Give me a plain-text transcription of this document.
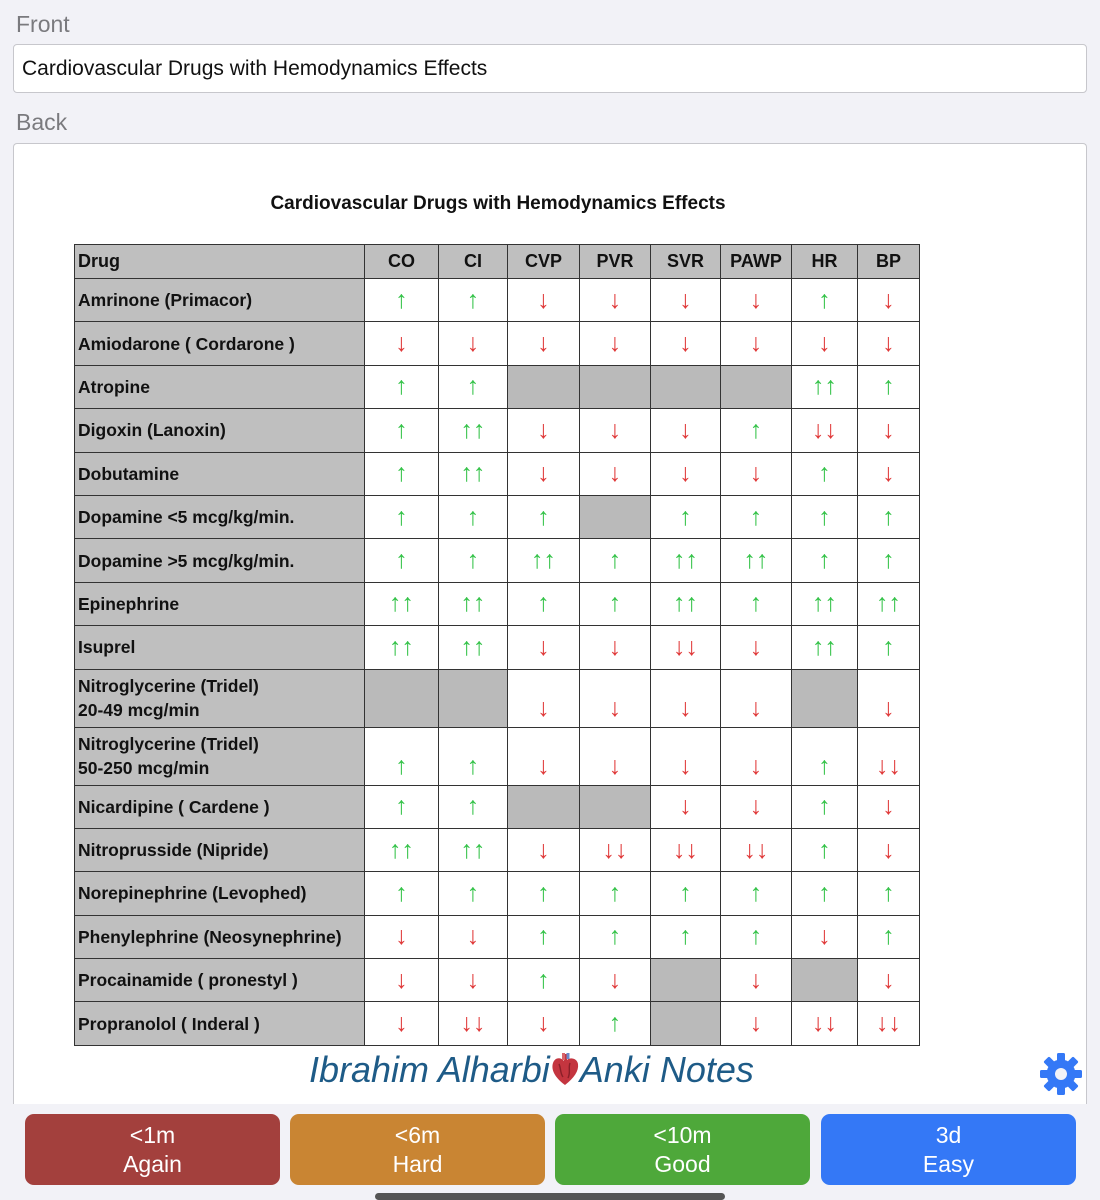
Front
Cardiovascular Drugs with Hemodynamics Effects
Back
Cardiovascular Drugs with Hemodynamics Effects
Drug	CO	CI	CVP	PVR	SVR	PAWP	HR	BP

Amrinone (Primacor)	↑	↑	↓	↓	↓	↓	↑	↓

Amiodarone ( Cordarone )	↓	↓	↓	↓	↓	↓	↓	↓

Atropine	↑	↑					↑↑	↑

Digoxin (Lanoxin)	↑	↑↑	↓	↓	↓	↑	↓↓	↓

Dobutamine	↑	↑↑	↓	↓	↓	↓	↑	↓

Dopamine <5 mcg/kg/min.	↑	↑	↑		↑	↑	↑	↑

Dopamine >5 mcg/kg/min.	↑	↑	↑↑	↑	↑↑	↑↑	↑	↑

Epinephrine	↑↑	↑↑	↑	↑	↑↑	↑	↑↑	↑↑

Isuprel	↑↑	↑↑	↓	↓	↓↓	↓	↑↑	↑

Nitroglycerine (Tridel)
20-49 mcg/min			↓	↓	↓	↓		↓

Nitroglycerine (Tridel)
50-250 mcg/min	↑	↑	↓	↓	↓	↓	↑	↓↓

Nicardipine ( Cardene )	↑	↑			↓	↓	↑	↓

Nitroprusside (Nipride)	↑↑	↑↑	↓	↓↓	↓↓	↓↓	↑	↓

Norepinephrine (Levophed)	↑	↑	↑	↑	↑	↑	↑	↑

Phenylephrine (Neosynephrine)	↓	↓	↑	↑	↑	↑	↓	↑

Procainamide ( pronestyl )	↓	↓	↑	↓		↓		↓

Propranolol ( Inderal )	↓	↓↓	↓	↑		↓	↓↓	↓↓
Ibrahim Alharbi Anki Notes
<1m
Again
<6m
Hard
<10m
Good
3d
Easy
